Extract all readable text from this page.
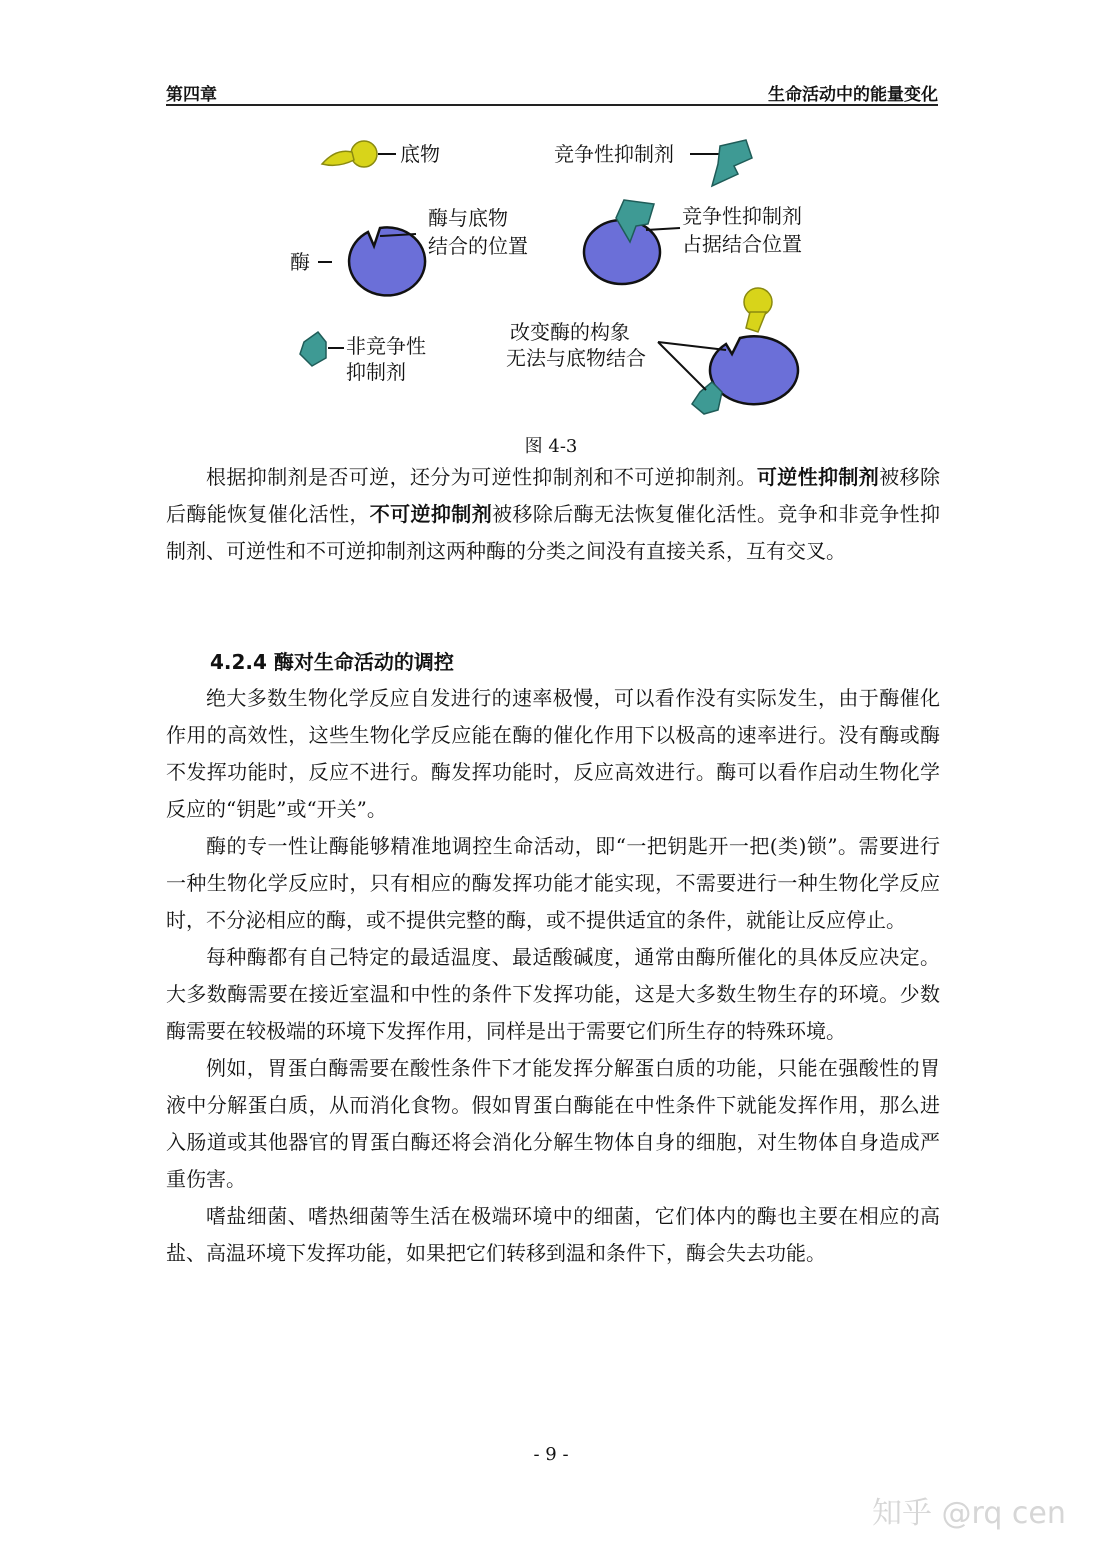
第四章	生命活动中的能量变化
底物	竞争性抑制剂
酶与底物
结合的位置
酶
竞争性抑制剂
占据结合位置
非竞争性
抑制剂
改变酶的构象
无法与底物结合
图 4-3

根据抑制剂是否可逆，还分为可逆性抑制剂和不可逆抑制剂。可逆性抑制剂被移除后酶能恢复催化活性，不可逆抑制剂被移除后酶无法恢复催化活性。竞争和非竞争性抑制剂、可逆性和不可逆抑制剂这两种酶的分类之间没有直接关系，互有交叉。

4.2.4 酶对生命活动的调控

绝大多数生物化学反应自发进行的速率极慢，可以看作没有实际发生，由于酶催化作用的高效性，这些生物化学反应能在酶的催化作用下以极高的速率进行。没有酶或酶不发挥功能时，反应不进行。酶发挥功能时，反应高效进行。酶可以看作启动生物化学反应的“钥匙”或“开关”。

酶的专一性让酶能够精准地调控生命活动，即“一把钥匙开一把(类)锁”。需要进行一种生物化学反应时，只有相应的酶发挥功能才能实现，不需要进行一种生物化学反应时，不分泌相应的酶，或不提供完整的酶，或不提供适宜的条件，就能让反应停止。

每种酶都有自己特定的最适温度、最适酸碱度，通常由酶所催化的具体反应决定。大多数酶需要在接近室温和中性的条件下发挥功能，这是大多数生物生存的环境。少数酶需要在较极端的环境下发挥作用，同样是出于需要它们所生存的特殊环境。

例如，胃蛋白酶需要在酸性条件下才能发挥分解蛋白质的功能，只能在强酸性的胃液中分解蛋白质，从而消化食物。假如胃蛋白酶能在中性条件下就能发挥作用，那么进入肠道或其他器官的胃蛋白酶还将会消化分解生物体自身的细胞，对生物体自身造成严重伤害。

嗜盐细菌、嗜热细菌等生活在极端环境中的细菌，它们体内的酶也主要在相应的高盐、高温环境下发挥功能，如果把它们转移到温和条件下，酶会失去功能。

- 9 -
知乎 @rq cen
